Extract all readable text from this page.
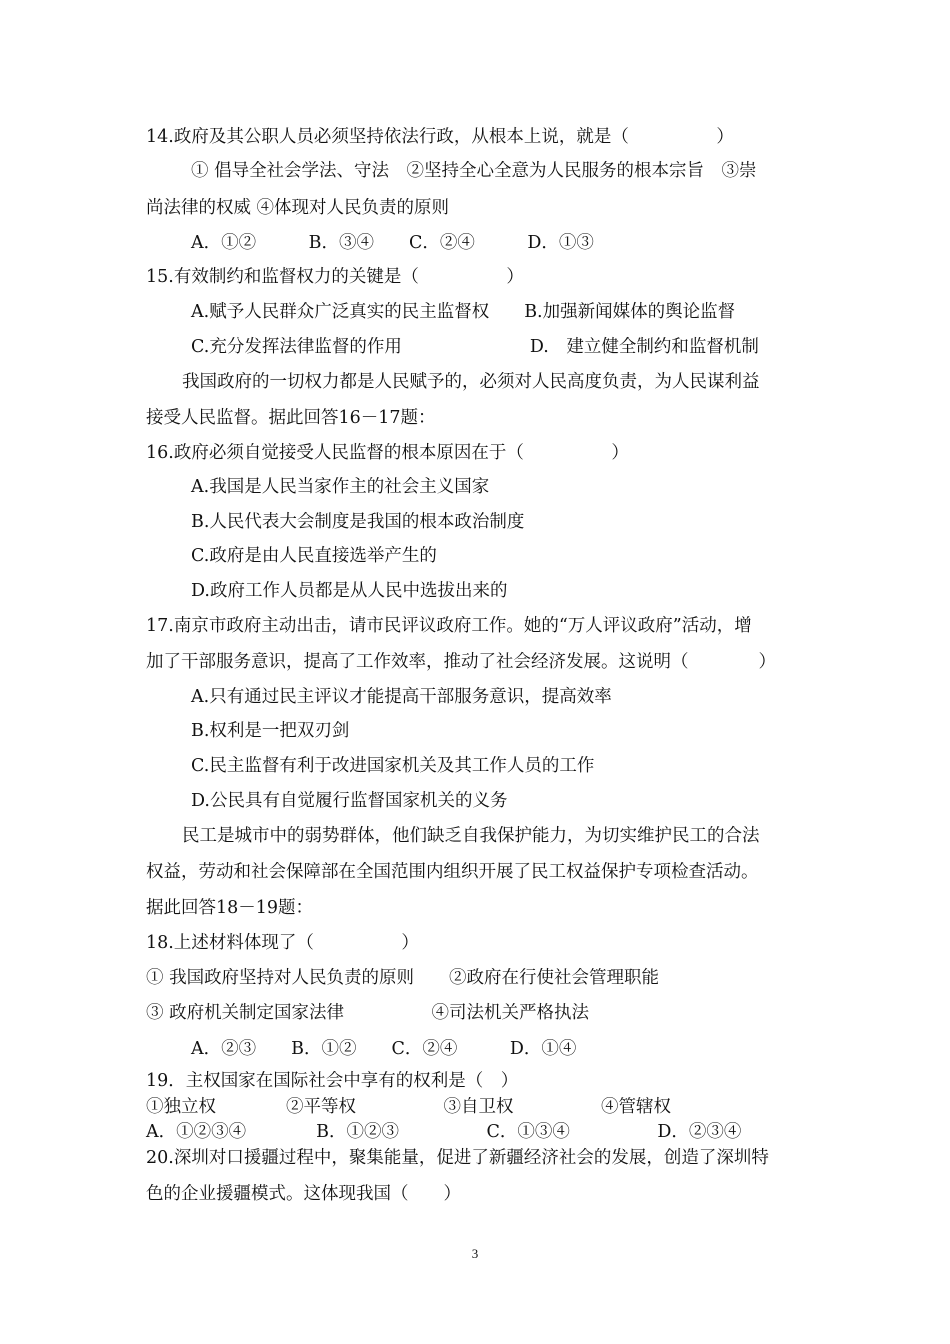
14.政府及其公职人员必须坚持依法行政，从根本上说，就是（　　　　　）
① 倡导全社会学法、守法　②坚持全心全意为人民服务的根本宗旨　③崇
尚法律的权威 ④体现对人民负责的原则
A．①②　　　B．③④　　C．②④　　　D．①③
15.有效制约和监督权力的关键是（　　　　　）
A.赋予人民群众广泛真实的民主监督权　　B.加强新闻媒体的舆论监督
C.充分发挥法律监督的作用　　　　　　　 D.　建立健全制约和监督机制
我国政府的一切权力都是人民赋予的，必须对人民高度负责，为人民谋利益
接受人民监督。据此回答16－17题：
16.政府必须自觉接受人民监督的根本原因在于（　　　　　）
A.我国是人民当家作主的社会主义国家
B.人民代表大会制度是我国的根本政治制度
C.政府是由人民直接选举产生的
D.政府工作人员都是从人民中选拔出来的
17.南京市政府主动出击，请市民评议政府工作。她的“万人评议政府”活动，增
加了干部服务意识，提高了工作效率，推动了社会经济发展。这说明（　　　　）
A.只有通过民主评议才能提高干部服务意识，提高效率
B.权利是一把双刃剑
C.民主监督有利于改进国家机关及其工作人员的工作
D.公民具有自觉履行监督国家机关的义务
民工是城市中的弱势群体，他们缺乏自我保护能力，为切实维护民工的合法
权益，劳动和社会保障部在全国范围内组织开展了民工权益保护专项检查活动。
据此回答18－19题：
18.上述材料体现了（　　　　　）
① 我国政府坚持对人民负责的原则　　②政府在行使社会管理职能
③ 政府机关制定国家法律　　　　　④司法机关严格执法
A．②③　　B．①②　　C．②④　　　D．①④
19．主权国家在国际社会中享有的权利是（　）
①独立权　　　　②平等权　　　　　③自卫权　　　　　④管辖权
A．①②③④　　　　B．①②③　　　　　C．①③④　　　　　D．②③④
20.深圳对口援疆过程中，聚集能量，促进了新疆经济社会的发展，创造了深圳特
色的企业援疆模式。这体现我国（　　）
3
